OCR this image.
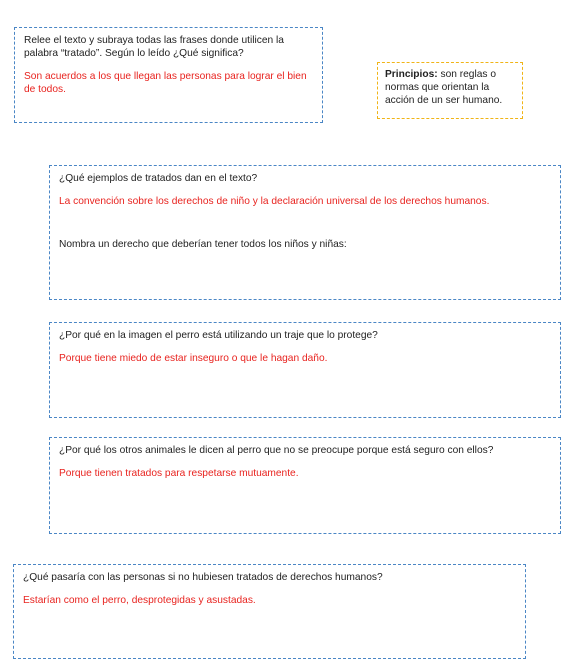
Relee el texto y subraya todas las frases donde utilicen la palabra “tratado”. Según lo leído ¿Qué significa?

Son acuerdos a los que llegan las personas para lograr el bien de todos.

Principios: son reglas o normas que orientan la acción de un ser humano.

¿Qué ejemplos de tratados dan en el texto?

La convención sobre los derechos de niño y la declaración universal de los derechos humanos.

Nombra un derecho que deberían tener todos los niños y niñas:

¿Por qué en la imagen el perro está utilizando un traje que lo protege?

Porque tiene miedo de estar inseguro o que le hagan daño.

¿Por qué los otros animales le dicen al perro que no se preocupe porque está seguro con ellos?

Porque tienen tratados para respetarse mutuamente.

¿Qué pasaría con las personas si no hubiesen tratados de derechos humanos?

Estarían como el perro, desprotegidas y asustadas.
